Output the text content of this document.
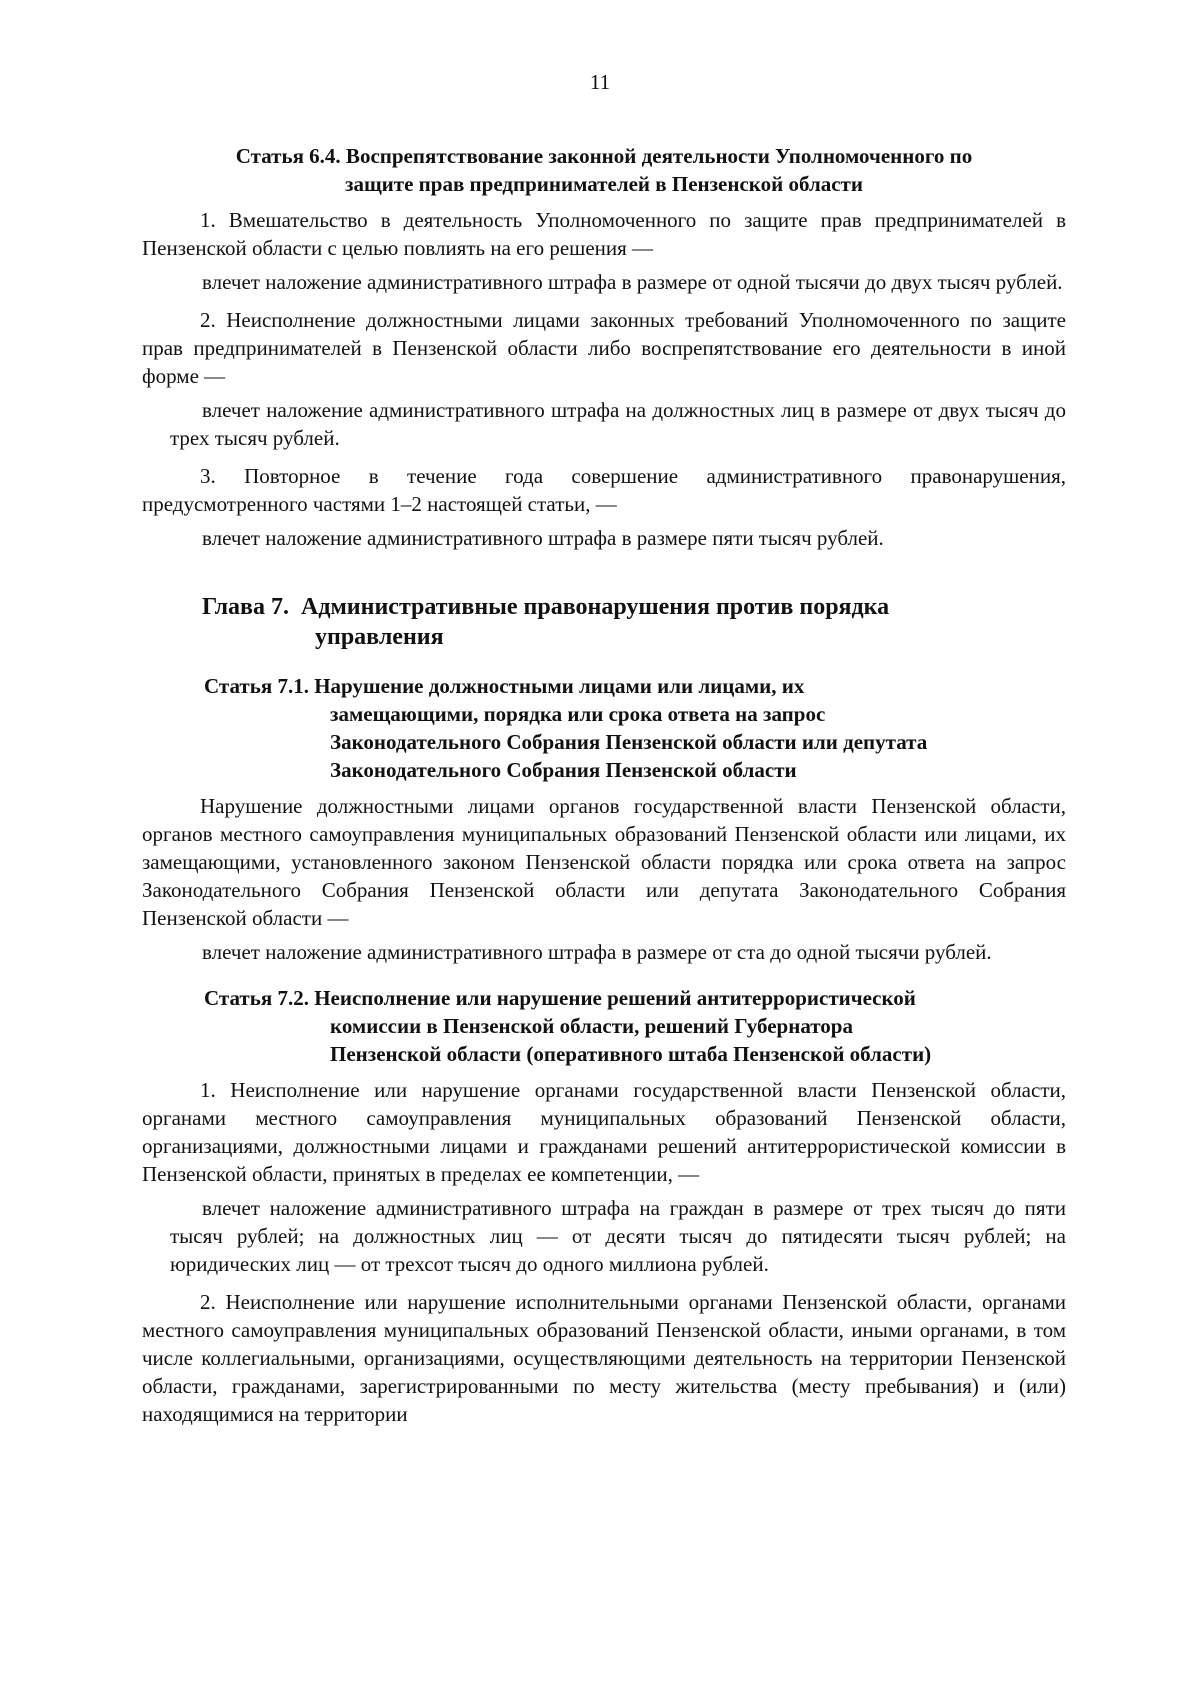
11
Статья 6.4. Воспрепятствование законной деятельности Уполномоченного по
защите прав предпринимателей в Пензенской области

1. Вмешательство в деятельность Уполномоченного по защите прав предпринимателей в Пензенской области с целью повлиять на его решения —

влечет наложение административного штрафа в размере от одной тысячи до двух тысяч рублей.

2. Неисполнение должностными лицами законных требований Уполномоченного по защите прав предпринимателей в Пензенской области либо воспрепятствование его деятельности в иной форме —

влечет наложение административного штрафа на должностных лиц в размере от двух тысяч до трех тысяч рублей.

3. Повторное в течение года совершение административного правонарушения, предусмотренного частями 1–2 настоящей статьи, —

влечет наложение административного штрафа в размере пяти тысяч рублей.

Глава 7.  Административные правонарушения против порядка
управления
Статья 7.1. Нарушение должностными лицами или лицами, их
замещающими, порядка или срока ответа на запрос
Законодательного Собрания Пензенской области или депутата
Законодательного Собрания Пензенской области

Нарушение должностными лицами органов государственной власти Пензенской области, органов местного самоуправления муниципальных образований Пензенской области или лицами, их замещающими, установленного законом Пензенской области порядка или срока ответа на запрос Законодательного Собрания Пензенской области или депутата Законодательного Собрания Пензенской области —

влечет наложение административного штрафа в размере от ста до одной тысячи рублей.

Статья 7.2. Неисполнение или нарушение решений антитеррористической
комиссии в Пензенской области, решений Губернатора
Пензенской области (оперативного штаба Пензенской области)

1. Неисполнение или нарушение органами государственной власти Пензенской области, органами местного самоуправления муниципальных образований Пензенской области, организациями, должностными лицами и гражданами решений антитеррористической комиссии в Пензенской области, принятых в пределах ее компетенции, —

влечет наложение административного штрафа на граждан в размере от трех тысяч до пяти тысяч рублей; на должностных лиц — от десяти тысяч до пятидесяти тысяч рублей; на юридических лиц — от трехсот тысяч до одного миллиона рублей.

2. Неисполнение или нарушение исполнительными органами Пензенской области, органами местного самоуправления муниципальных образований Пензенской области, иными органами, в том числе коллегиальными, организациями, осуществляющими деятельность на территории Пензенской области, гражданами, зарегистрированными по месту жительства (месту пребывания) и (или) находящимися на территории
